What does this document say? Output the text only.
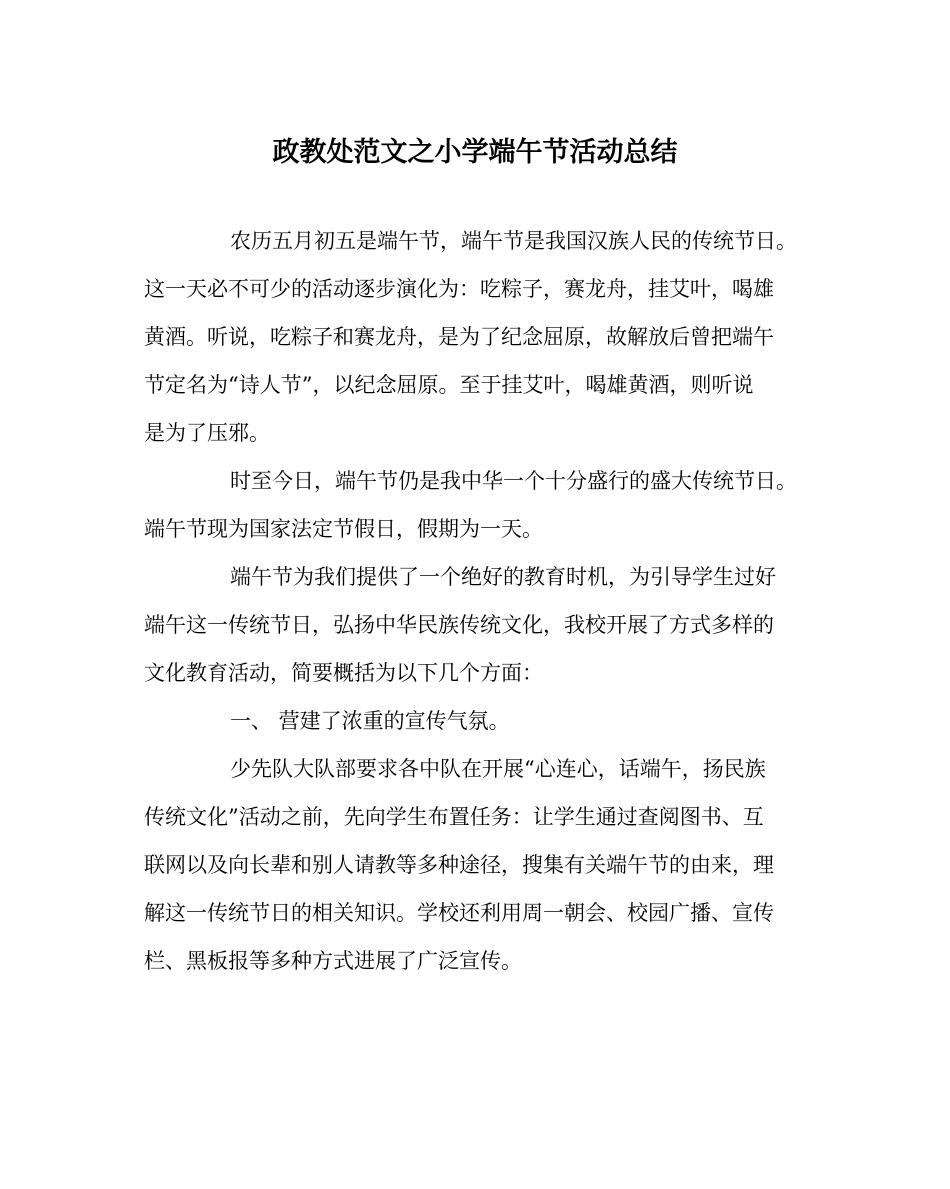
政教处范文之小学端午节活动总结
农历五月初五是端午节，端午节是我国汉族人民的传统节日。
这一天必不可少的活动逐步演化为：吃粽子，赛龙舟，挂艾叶，喝雄
黄酒。听说，吃粽子和赛龙舟，是为了纪念屈原，故解放后曾把端午
节定名为“诗人节”，以纪念屈原。至于挂艾叶，喝雄黄酒，则听说
是为了压邪。
时至今日，端午节仍是我中华一个十分盛行的盛大传统节日。
端午节现为国家法定节假日，假期为一天。
端午节为我们提供了一个绝好的教育时机，为引导学生过好
端午这一传统节日，弘扬中华民族传统文化，我校开展了方式多样的
文化教育活动，简要概括为以下几个方面：
一、 营建了浓重的宣传气氛。
少先队大队部要求各中队在开展“心连心，话端午，扬民族
传统文化”活动之前，先向学生布置任务：让学生通过查阅图书、互
联网以及向长辈和别人请教等多种途径，搜集有关端午节的由来，理
解这一传统节日的相关知识。学校还利用周一朝会、校园广播、宣传
栏、黑板报等多种方式进展了广泛宣传。
